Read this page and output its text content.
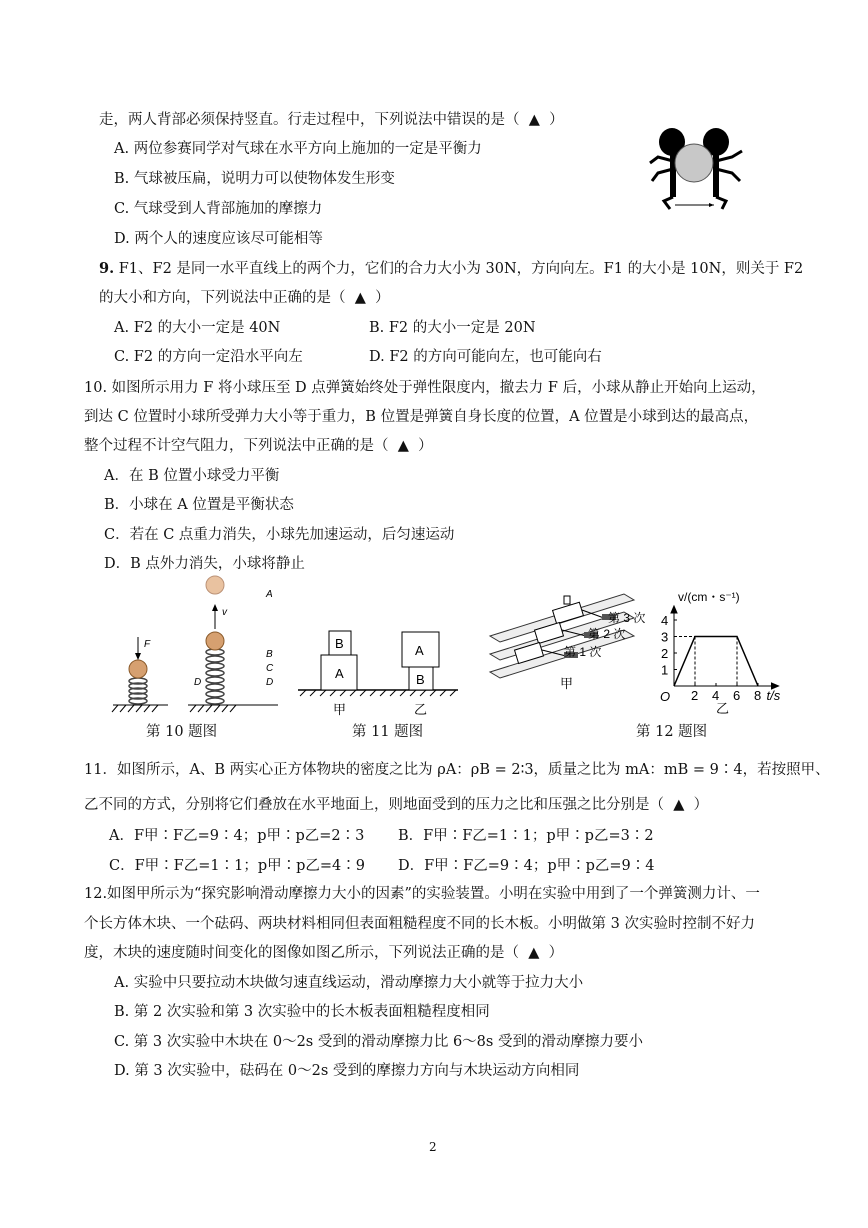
走，两人背部必须保持竖直。行走过程中，下列说法中错误的是（ ▲ ）
A. 两位参赛同学对气球在水平方向上施加的一定是平衡力
B. 气球被压扁，说明力可以使物体发生形变
C. 气球受到人背部施加的摩擦力
D. 两个人的速度应该尽可能相等
9. F1、F2 是同一水平直线上的两个力，它们的合力大小为 30N，方向向左。F1 的大小是 10N，则关于 F2
的大小和方向，下列说法中正确的是（ ▲ ）
A. F2 的大小一定是 40N	B. F2 的大小一定是 20N
C. F2 的方向一定沿水平向左	D. F2 的方向可能向左，也可能向右
10. 如图所示用力 F 将小球压至 D 点弹簧始终处于弹性限度内，撤去力 F 后，小球从静止开始向上运动，
到达 C 位置时小球所受弹力大小等于重力，B 位置是弹簧自身长度的位置，A 位置是小球到达的最高点，
整个过程不计空气阻力，下列说法中正确的是（ ▲ ）
A．在 B 位置小球受力平衡
B．小球在 A 位置是平衡状态
C．若在 C 点重力消失，小球先加速运动，后匀速运动
D．B 点外力消失，小球将静止
F
v
A
B
C
D
D
第 10 题图
A
B	A
B
甲	乙
第 11 题图
第 3 次
第 2 次
第 1 次
甲
2 4 6 8
1
2
3
4
O	t/s
v/(cm・s⁻¹)
乙
第 12 题图
11．如图所示，A、B 两实心正方体物块的密度之比为 ρA：ρB = 2∶3，质量之比为 mA：mB = 9∶4，若按照甲、
乙不同的方式，分别将它们叠放在水平地面上，则地面受到的压力之比和压强之比分别是（ ▲ ）
A．F甲∶F乙=9∶4；p甲∶p乙=2∶3 B．F甲∶F乙=1∶1；p甲∶p乙=3∶2
C．F甲∶F乙=1∶1；p甲∶p乙=4∶9 D．F甲∶F乙=9∶4；p甲∶p乙=9∶4
12.如图甲所示为“探究影响滑动摩擦力大小的因素”的实验装置。小明在实验中用到了一个弹簧测力计、一
个长方体木块、一个砝码、两块材料相同但表面粗糙程度不同的长木板。小明做第 3 次实验时控制不好力
度，木块的速度随时间变化的图像如图乙所示，下列说法正确的是（ ▲ ）
A. 实验中只要拉动木块做匀速直线运动，滑动摩擦力大小就等于拉力大小
B. 第 2 次实验和第 3 次实验中的长木板表面粗糙程度相同
C. 第 3 次实验中木块在 0～2s 受到的滑动摩擦力比 6～8s 受到的滑动摩擦力要小
D. 第 3 次实验中，砝码在 0～2s 受到的摩擦力方向与木块运动方向相同
2
